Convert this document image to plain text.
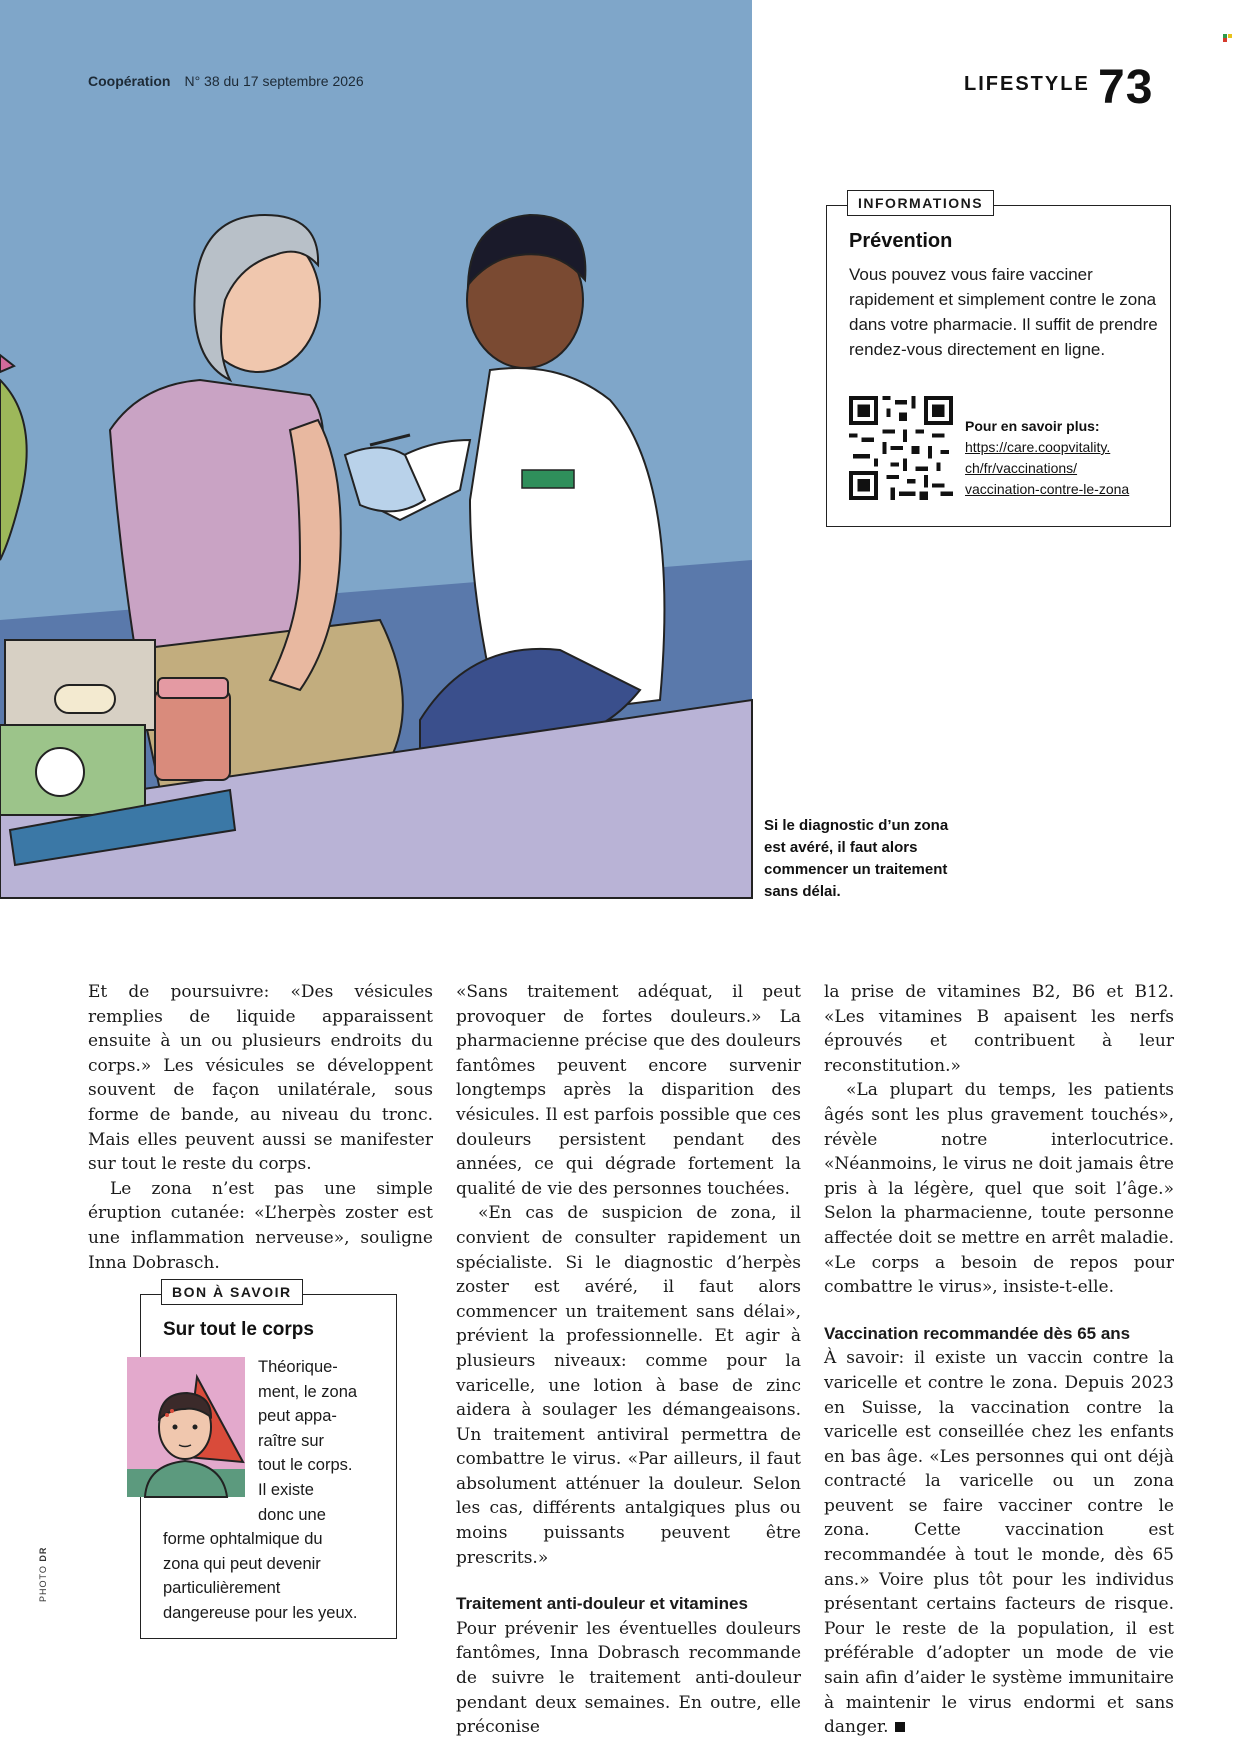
Coopération N° 38 du 17 septembre 2026	LIFESTYLE 73
INFORMATIONS
Prévention
Vous pouvez vous faire vacciner rapidement et simplement contre le zona dans votre pharmacie. Il suffit de prendre rendez-vous directement en ligne.
Pour en savoir plus:
https://care.coopvitality.
ch/fr/vaccinations/
vaccination-contre-le-zona
Si le diagnostic d’un zona est avéré, il faut alors commencer un traitement sans délai.

Et de poursuivre: «Des vésicules remplies de liquide apparaissent ensuite à un ou plusieurs endroits du corps.» Les vésicules se développent souvent de façon unilatérale, sous forme de bande, au niveau du tronc. Mais elles peuvent aussi se manifester sur tout le reste du corps.

Le zona n’est pas une simple éruption cutanée: «L’herpès zoster est une inflammation nerveuse», souligne Inna Dobrasch.

«Sans traitement adéquat, il peut provoquer de fortes douleurs.» La pharmacienne précise que des douleurs fantômes peuvent encore survenir longtemps après la disparition des vésicules. Il est parfois possible que ces douleurs persistent pendant des années, ce qui dégrade fortement la qualité de vie des personnes touchées.

«En cas de suspicion de zona, il convient de consulter rapidement un spécialiste. Si le diagnostic d’herpès zoster est avéré, il faut alors commencer un traitement sans délai», prévient la professionnelle. Et agir à plusieurs niveaux: comme pour la varicelle, une lotion à base de zinc aidera à soulager les démangeaisons. Un traitement antiviral permettra de combattre le virus. «Par ailleurs, il faut absolument atténuer la douleur. Selon les cas, différents antalgiques plus ou moins puissants peuvent être prescrits.»

Traitement anti-douleur et vitamines

Pour prévenir les éventuelles douleurs fantômes, Inna Dobrasch recommande de suivre le traitement anti-douleur pendant deux semaines. En outre, elle préconise

la prise de vitamines B2, B6 et B12. «Les vitamines B apaisent les nerfs éprouvés et contribuent à leur reconstitution.»

«La plupart du temps, les patients âgés sont les plus gravement touchés», révèle notre interlocutrice. «Néanmoins, le virus ne doit jamais être pris à la légère, quel que soit l’âge.» Selon la pharmacienne, toute personne affectée doit se mettre en arrêt maladie. «Le corps a besoin de repos pour combattre le virus», insiste-t-elle.

Vaccination recommandée dès 65 ans

À savoir: il existe un vaccin contre la varicelle et contre le zona. Depuis 2023 en Suisse, la vaccination contre la varicelle est conseillée chez les enfants en bas âge. «Les personnes qui ont déjà contracté la varicelle ou un zona peuvent se faire vacciner contre le zona. Cette vaccination est recommandée à tout le monde, dès 65 ans.» Voire plus tôt pour les individus présentant certains facteurs de risque. Pour le reste de la population, il est préférable d’adopter un mode de vie sain afin d’aider le système immunitaire à maintenir le virus endormi et sans danger.

BON À SAVOIR
Sur tout le corps
Théorique-
ment, le zona
peut appa-
raître sur
tout le corps.
Il existe
donc une
forme ophtalmique du
zona qui peut devenir
particulièrement
dangereuse pour les yeux.
PHOTO DR
